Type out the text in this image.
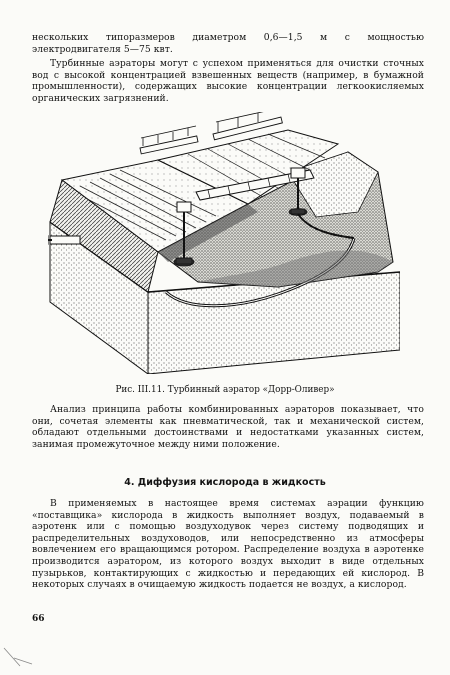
нескольких типоразмеров диаметром 0,6—1,5 м с мощностью электродвигателя 5—75 квт.
Турбинные аэраторы могут с успехом применяться для очистки сточных вод с высокой концентрацией взвешенных веществ (например, в бумажной промышленности), содержащих высокие концентрации легкоокисляемых органических загрязнений.
Рис. III.11. Турбинный аэратор «Дорр-Оливер»
Анализ принципа работы комбинированных аэраторов показывает, что они, сочетая элементы как пневматической, так и механической систем, обладают отдельными достоинствами и недостатками указанных систем, занимая промежуточное между ними положение.
4. Диффузия кислорода в жидкость
В применяемых в настоящее время системах аэрации функцию «поставщика» кислорода в жидкость выполняет воздух, подаваемый в аэротенк или с помощью воздуходувок через систему подводящих и распределительных воздуховодов, или непосредственно из атмосферы вовлечением его вращающимся ротором. Распределение воздуха в аэротенке производится аэратором, из которого воздух выходит в виде отдельных пузырьков, контактирующих с жидкостью и передающих ей кислород. В некоторых случаях в очищаемую жидкость подается не воздух, а кислород.
66
